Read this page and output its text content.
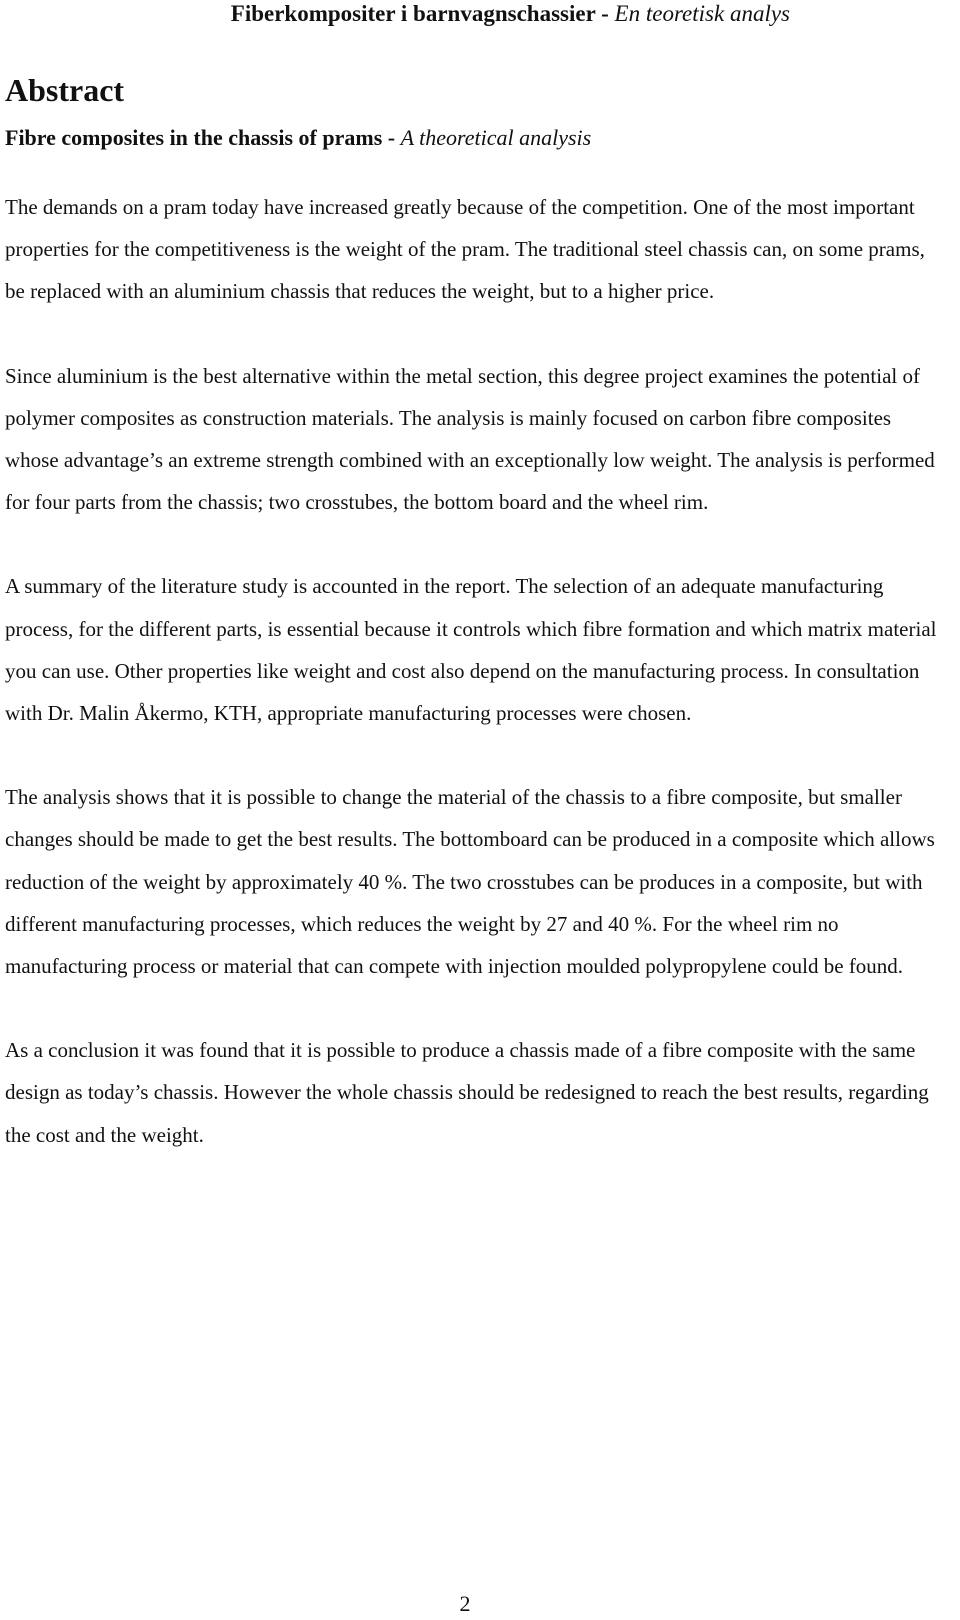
Fiberkompositer i barnvagnschassier - En teoretisk analys
Abstract
Fibre composites in the chassis of prams - A theoretical analysis

The demands on a pram today have increased greatly because of the competition. One of the most important properties for the competitiveness is the weight of the pram. The traditional steel chassis can, on some prams, be replaced with an aluminium chassis that reduces the weight, but to a higher price.

Since aluminium is the best alternative within the metal section, this degree project examines the potential of polymer composites as construction materials. The analysis is mainly focused on carbon fibre composites whose advantage’s an extreme strength combined with an exceptionally low weight. The analysis is performed for four parts from the chassis; two crosstubes, the bottom board and the wheel rim.

A summary of the literature study is accounted in the report. The selection of an adequate manufacturing process, for the different parts, is essential because it controls which fibre formation and which matrix material you can use. Other properties like weight and cost also depend on the manufacturing process. In consultation with Dr. Malin Åkermo, KTH, appropriate manufacturing processes were chosen.

The analysis shows that it is possible to change the material of the chassis to a fibre composite, but smaller changes should be made to get the best results. The bottomboard can be produced in a composite which allows reduction of the weight by approximately 40 %. The two crosstubes can be produces in a composite, but with different manufacturing processes, which reduces the weight by 27 and 40 %. For the wheel rim no manufacturing process or material that can compete with injection moulded polypropylene could be found.

As a conclusion it was found that it is possible to produce a chassis made of a fibre composite with the same design as today’s chassis. However the whole chassis should be redesigned to reach the best results, regarding the cost and the weight.

2
